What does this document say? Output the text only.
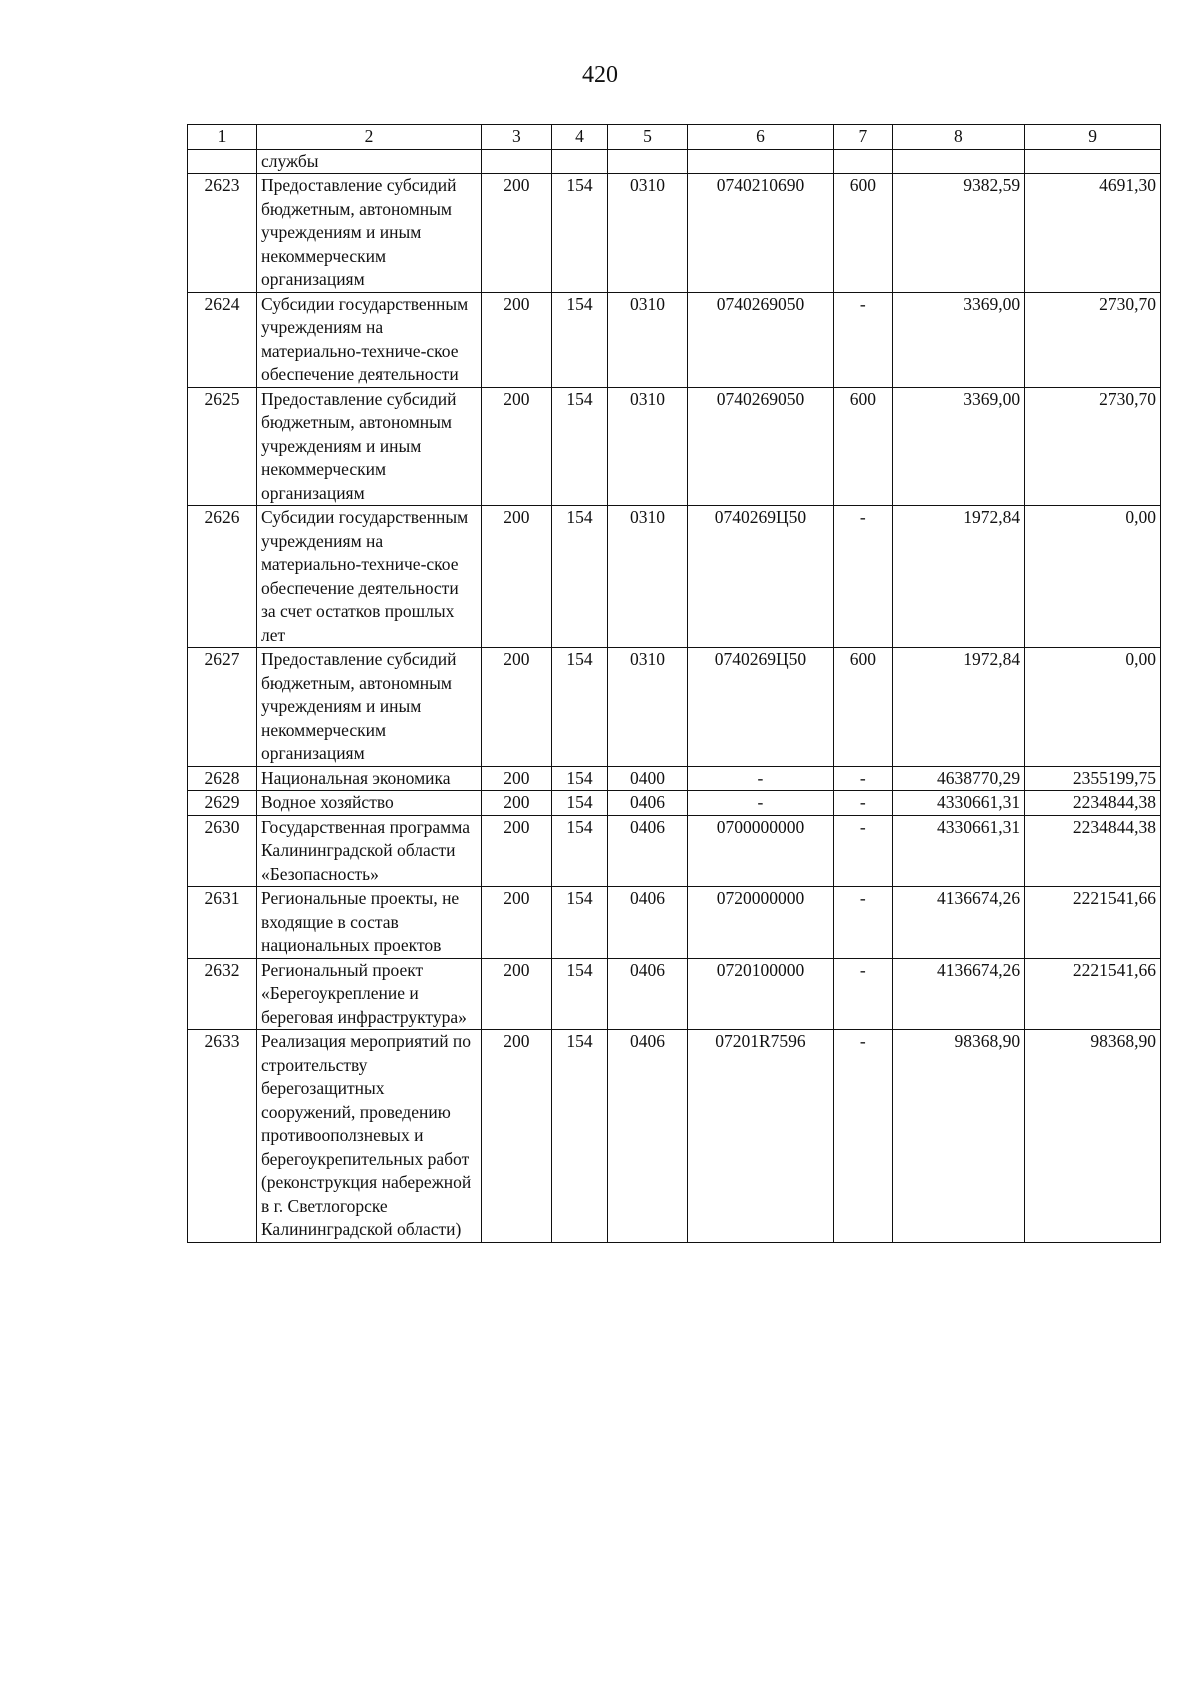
420
1	2	3	4	5	6	7	8	9
	службы							
2623	Предоставление субсидий бюджетным, автономным учреждениям и иным некоммерческим организациям	200	154	0310	0740210690	600	9382,59	4691,30
2624	Субсидии государственным учреждениям на материально-техниче-ское обеспечение деятельности	200	154	0310	0740269050	-	3369,00	2730,70
2625	Предоставление субсидий бюджетным, автономным учреждениям и иным некоммерческим организациям	200	154	0310	0740269050	600	3369,00	2730,70
2626	Субсидии государственным учреждениям на материально-техниче-ское обеспечение деятельности за счет остатков прошлых лет	200	154	0310	0740269Ц50	-	1972,84	0,00
2627	Предоставление субсидий бюджетным, автономным учреждениям и иным некоммерческим организациям	200	154	0310	0740269Ц50	600	1972,84	0,00
2628	Национальная экономика	200	154	0400	-	-	4638770,29	2355199,75
2629	Водное хозяйство	200	154	0406	-	-	4330661,31	2234844,38
2630	Государственная программа Калининградской области «Безопасность»	200	154	0406	0700000000	-	4330661,31	2234844,38
2631	Региональные проекты, не входящие в состав национальных проектов	200	154	0406	0720000000	-	4136674,26	2221541,66
2632	Региональный проект «Берегоукрепление и береговая инфраструктура»	200	154	0406	0720100000	-	4136674,26	2221541,66
2633	Реализация мероприятий по строительству берегозащитных сооружений, проведению противооползневых и берегоукрепительных работ (реконструкция набережной в г. Светлогорске Калининградской области)	200	154	0406	07201R7596	-	98368,90	98368,90
